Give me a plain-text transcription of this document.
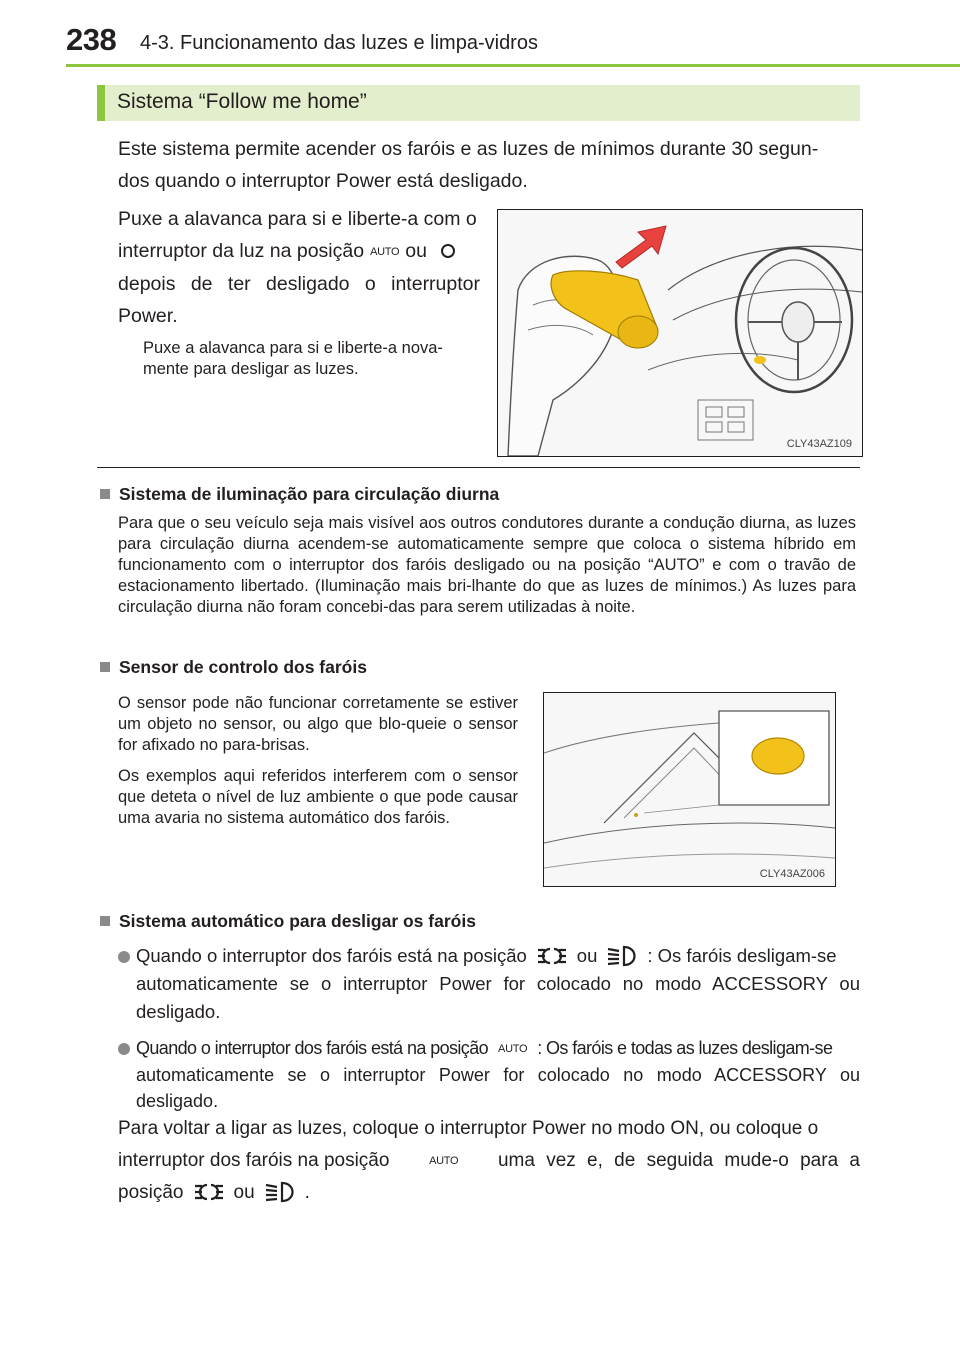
238 4-3. Funcionamento das luzes e limpa-vidros
Sistema “Follow me home”
Este sistema permite acender os faróis e as luzes de mínimos durante 30 segun-
dos quando o interruptor Power está desligado.
Puxe a alavanca para si e liberte-a com o
interruptor da luz na posição AUTO ou
depois de ter desligado o interruptor
Power.
Puxe a alavanca para si e liberte-a nova-mente para desligar as luzes.
CLY43AZ109
Sistema de iluminação para circulação diurna
Para que o seu veículo seja mais visível aos outros condutores durante a condução diurna, as luzes para circulação diurna acendem-se automaticamente sempre que coloca o sistema híbrido em funcionamento com o interruptor dos faróis desligado ou na posição “AUTO” e com o travão de estacionamento libertado. (Iluminação mais bri-lhante do que as luzes de mínimos.) As luzes para circulação diurna não foram concebi-das para serem utilizadas à noite.
Sensor de controlo dos faróis
O sensor pode não funcionar corretamente se estiver um objeto no sensor, ou algo que blo-queie o sensor for afixado no para-brisas.
Os exemplos aqui referidos interferem com o sensor que deteta o nível de luz ambiente o que pode causar uma avaria no sistema automático dos faróis.
CLY43AZ006
Sistema automático para desligar os faróis
Quando o interruptor dos faróis está na posição	ou	: Os faróis desligam-se
automaticamente se o interruptor Power for colocado no modo ACCESSORY ou desligado.
Quando o interruptor dos faróis está na posição AUTO : Os faróis e todas as luzes desligam-se
automaticamente se o interruptor Power for colocado no modo ACCESSORY ou desligado.
Para voltar a ligar as luzes, coloque o interruptor Power no modo ON, ou coloque o
interruptor dos faróis na posição	AUTO uma vez e, de seguida mude-o para a
posição	ou	.
